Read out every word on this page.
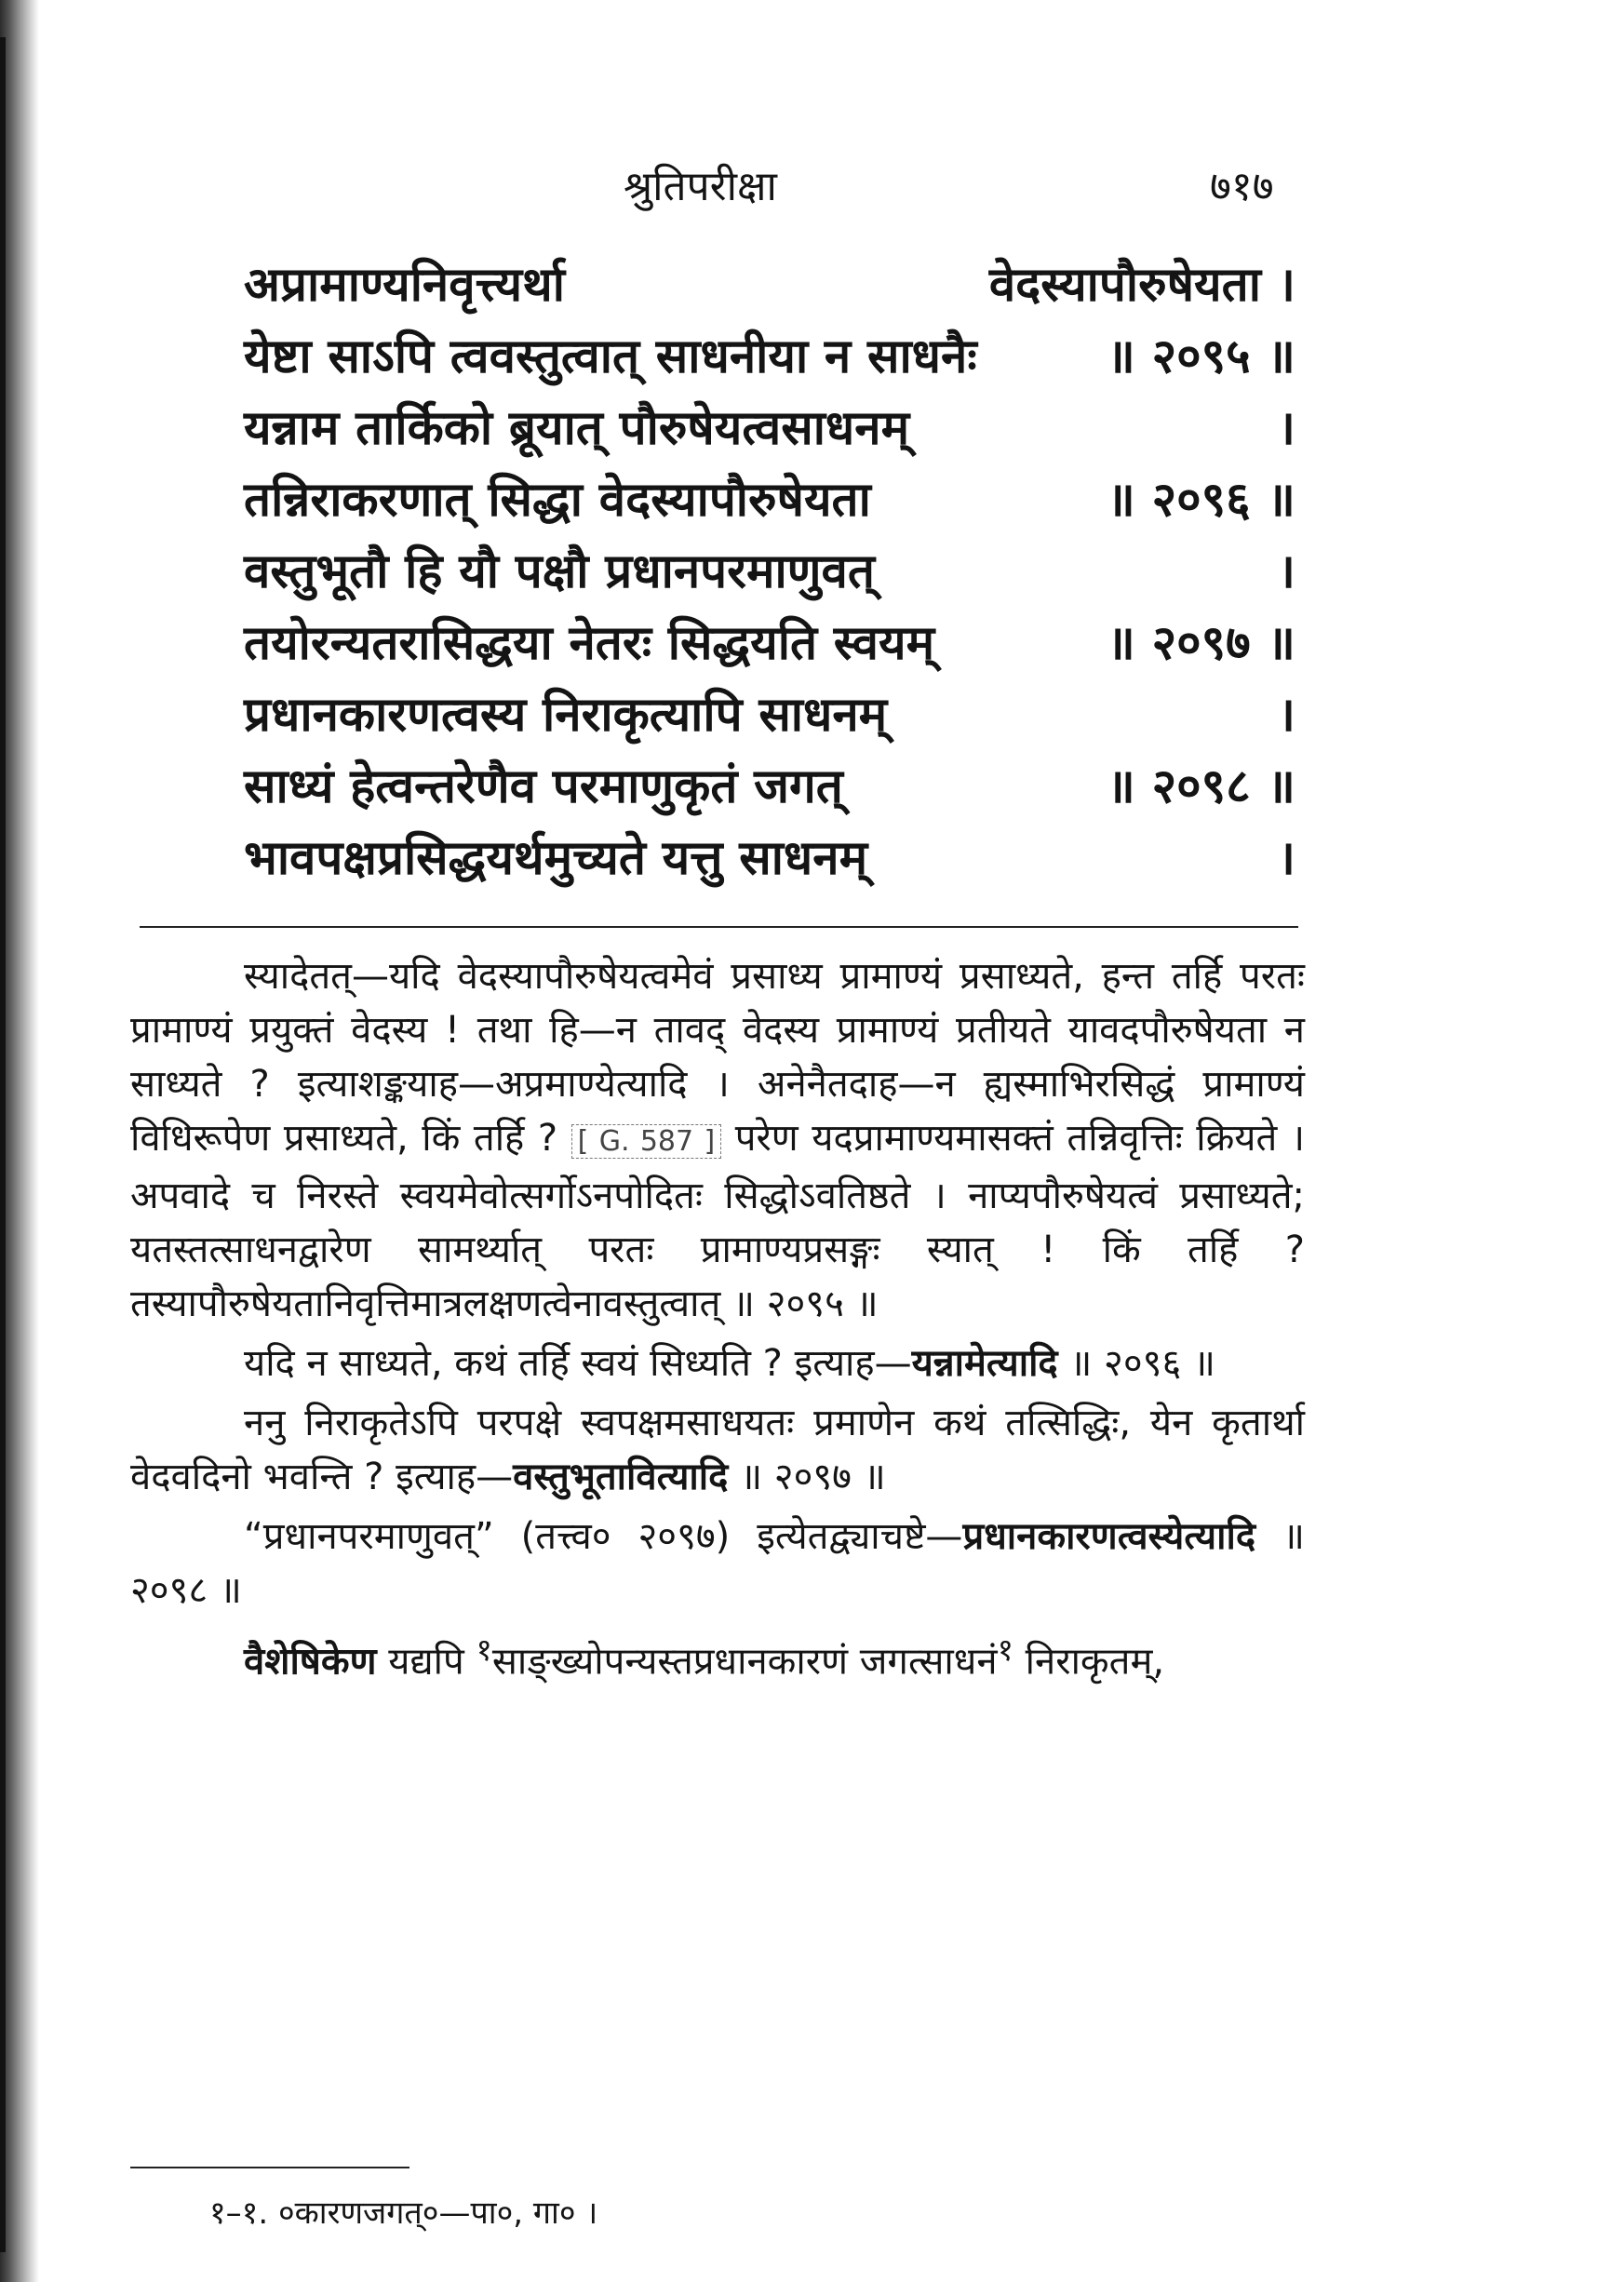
श्रुतिपरीक्षा	७१७
अप्रामाण्यनिवृत्त्यर्था	वेदस्यापौरुषेयता ।
येष्टा साऽपि त्ववस्तुत्वात् साधनीया न साधनैः	॥ २०९५ ॥
यन्नाम तार्किको ब्रूयात् पौरुषेयत्वसाधनम्	।
तन्निराकरणात् सिद्धा वेदस्यापौरुषेयता	॥ २०९६ ॥
वस्तुभूतौ हि यौ पक्षौ प्रधानपरमाणुवत्	।
तयोरन्यतरासिद्धया नेतरः सिद्धयति स्वयम्	॥ २०९७ ॥
प्रधानकारणत्वस्य निराकृत्यापि साधनम्	।
साध्यं हेत्वन्तरेणैव परमाणुकृतं जगत्	॥ २०९८ ॥
भावपक्षप्रसिद्धयर्थमुच्यते यत्तु साधनम्	।

स्यादेतत्—यदि वेदस्यापौरुषेयत्वमेवं प्रसाध्य प्रामाण्यं प्रसाध्यते, हन्त तर्हि परतः प्रामाण्यं प्रयुक्तं वेदस्य ! तथा हि—न तावद् वेदस्य प्रामाण्यं प्रतीयते यावदपौरुषेयता न साध्यते ? इत्याशङ्कयाह—अप्रमाण्येत्यादि । अनेनैतदाह—न ह्यस्माभिरसिद्धं प्रामाण्यं विधिरूपेण प्रसाध्यते, किं तर्हि ? [ G. 587 ] परेण यदप्रामाण्यमासक्तं तन्निवृत्तिः क्रियते । अपवादे च निरस्ते स्वयमेवोत्सर्गोऽनपोदितः सिद्धोऽवतिष्ठते । नाप्यपौरुषेयत्वं प्रसाध्यते; यतस्तत्साधनद्वारेण सामर्थ्यात् परतः प्रामाण्यप्रसङ्गः स्यात् ! किं तर्हि ? तस्यापौरुषेयतानिवृत्तिमात्रलक्षणत्वेनावस्तुत्वात् ॥ २०९५ ॥

यदि न साध्यते, कथं तर्हि स्वयं सिध्यति ? इत्याह—यन्नामेत्यादि ॥ २०९६ ॥

ननु निराकृतेऽपि परपक्षे स्वपक्षमसाधयतः प्रमाणेन कथं तत्सिद्धिः, येन कृतार्था वेदवदिनो भवन्ति ? इत्याह—वस्तुभूतावित्यादि ॥ २०९७ ॥

“प्रधानपरमाणुवत्” (तत्त्व० २०९७) इत्येतद्व्याचष्टे—प्रधानकारणत्वस्येत्यादि ॥ २०९८ ॥

वैशेषिकेण यद्यपि $^१$साङ्ख्योपन्यस्तप्रधानकारणं जगत्साधनं$^१$ निराकृतम्,

१–१. ०कारणजगत्०—पा०, गा० ।
